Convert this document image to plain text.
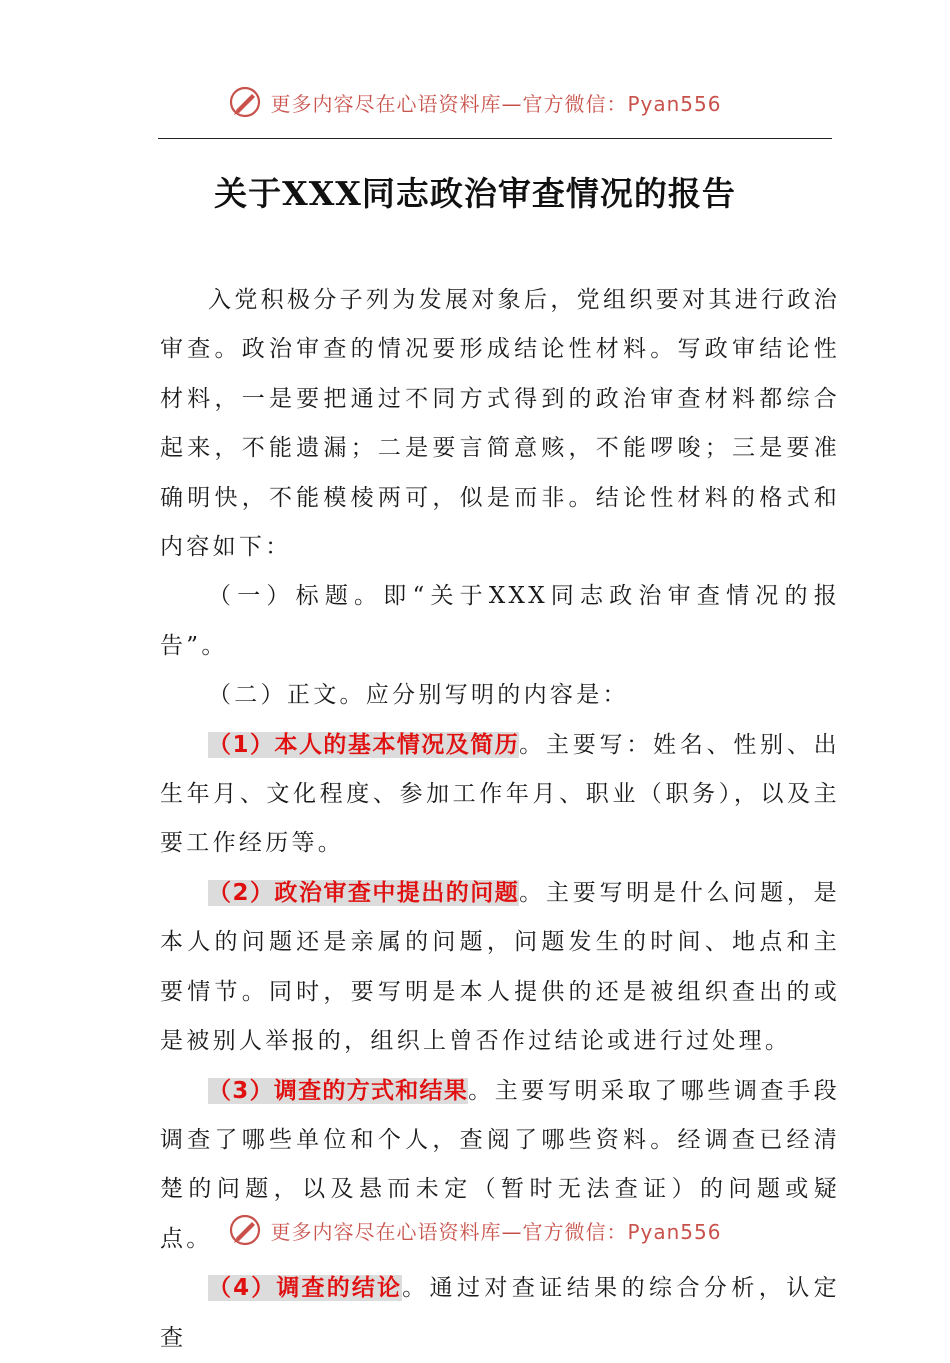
更多内容尽在心语资料库—官方微信：Pyan556
关于XXX同志政治审查情况的报告

入党积极分子列为发展对象后，党组织要对其进行政治审查。政治审查的情况要形成结论性材料。写政审结论性材料，一是要把通过不同方式得到的政治审查材料都综合起来，不能遗漏；二是要言简意赅，不能啰唆；三是要准确明快，不能模棱两可，似是而非。结论性材料的格式和内容如下：

（一）标题。即“关于XXX同志政治审查情况的报告”。

（二）正文。应分别写明的内容是：

（1）本人的基本情况及简历。主要写：姓名、性别、出生年月、文化程度、参加工作年月、职业（职务），以及主要工作经历等。

（2）政治审查中提出的问题。主要写明是什么问题，是本人的问题还是亲属的问题，问题发生的时间、地点和主要情节。同时，要写明是本人提供的还是被组织查出的或是被别人举报的，组织上曾否作过结论或进行过处理。

（3）调查的方式和结果。主要写明采取了哪些调查手段调查了哪些单位和个人，查阅了哪些资料。经调查已经清楚的问题，以及悬而未定（暂时无法查证）的问题或疑点。

（4）调查的结论。通过对查证结果的综合分析，认定查

更多内容尽在心语资料库—官方微信：Pyan556
